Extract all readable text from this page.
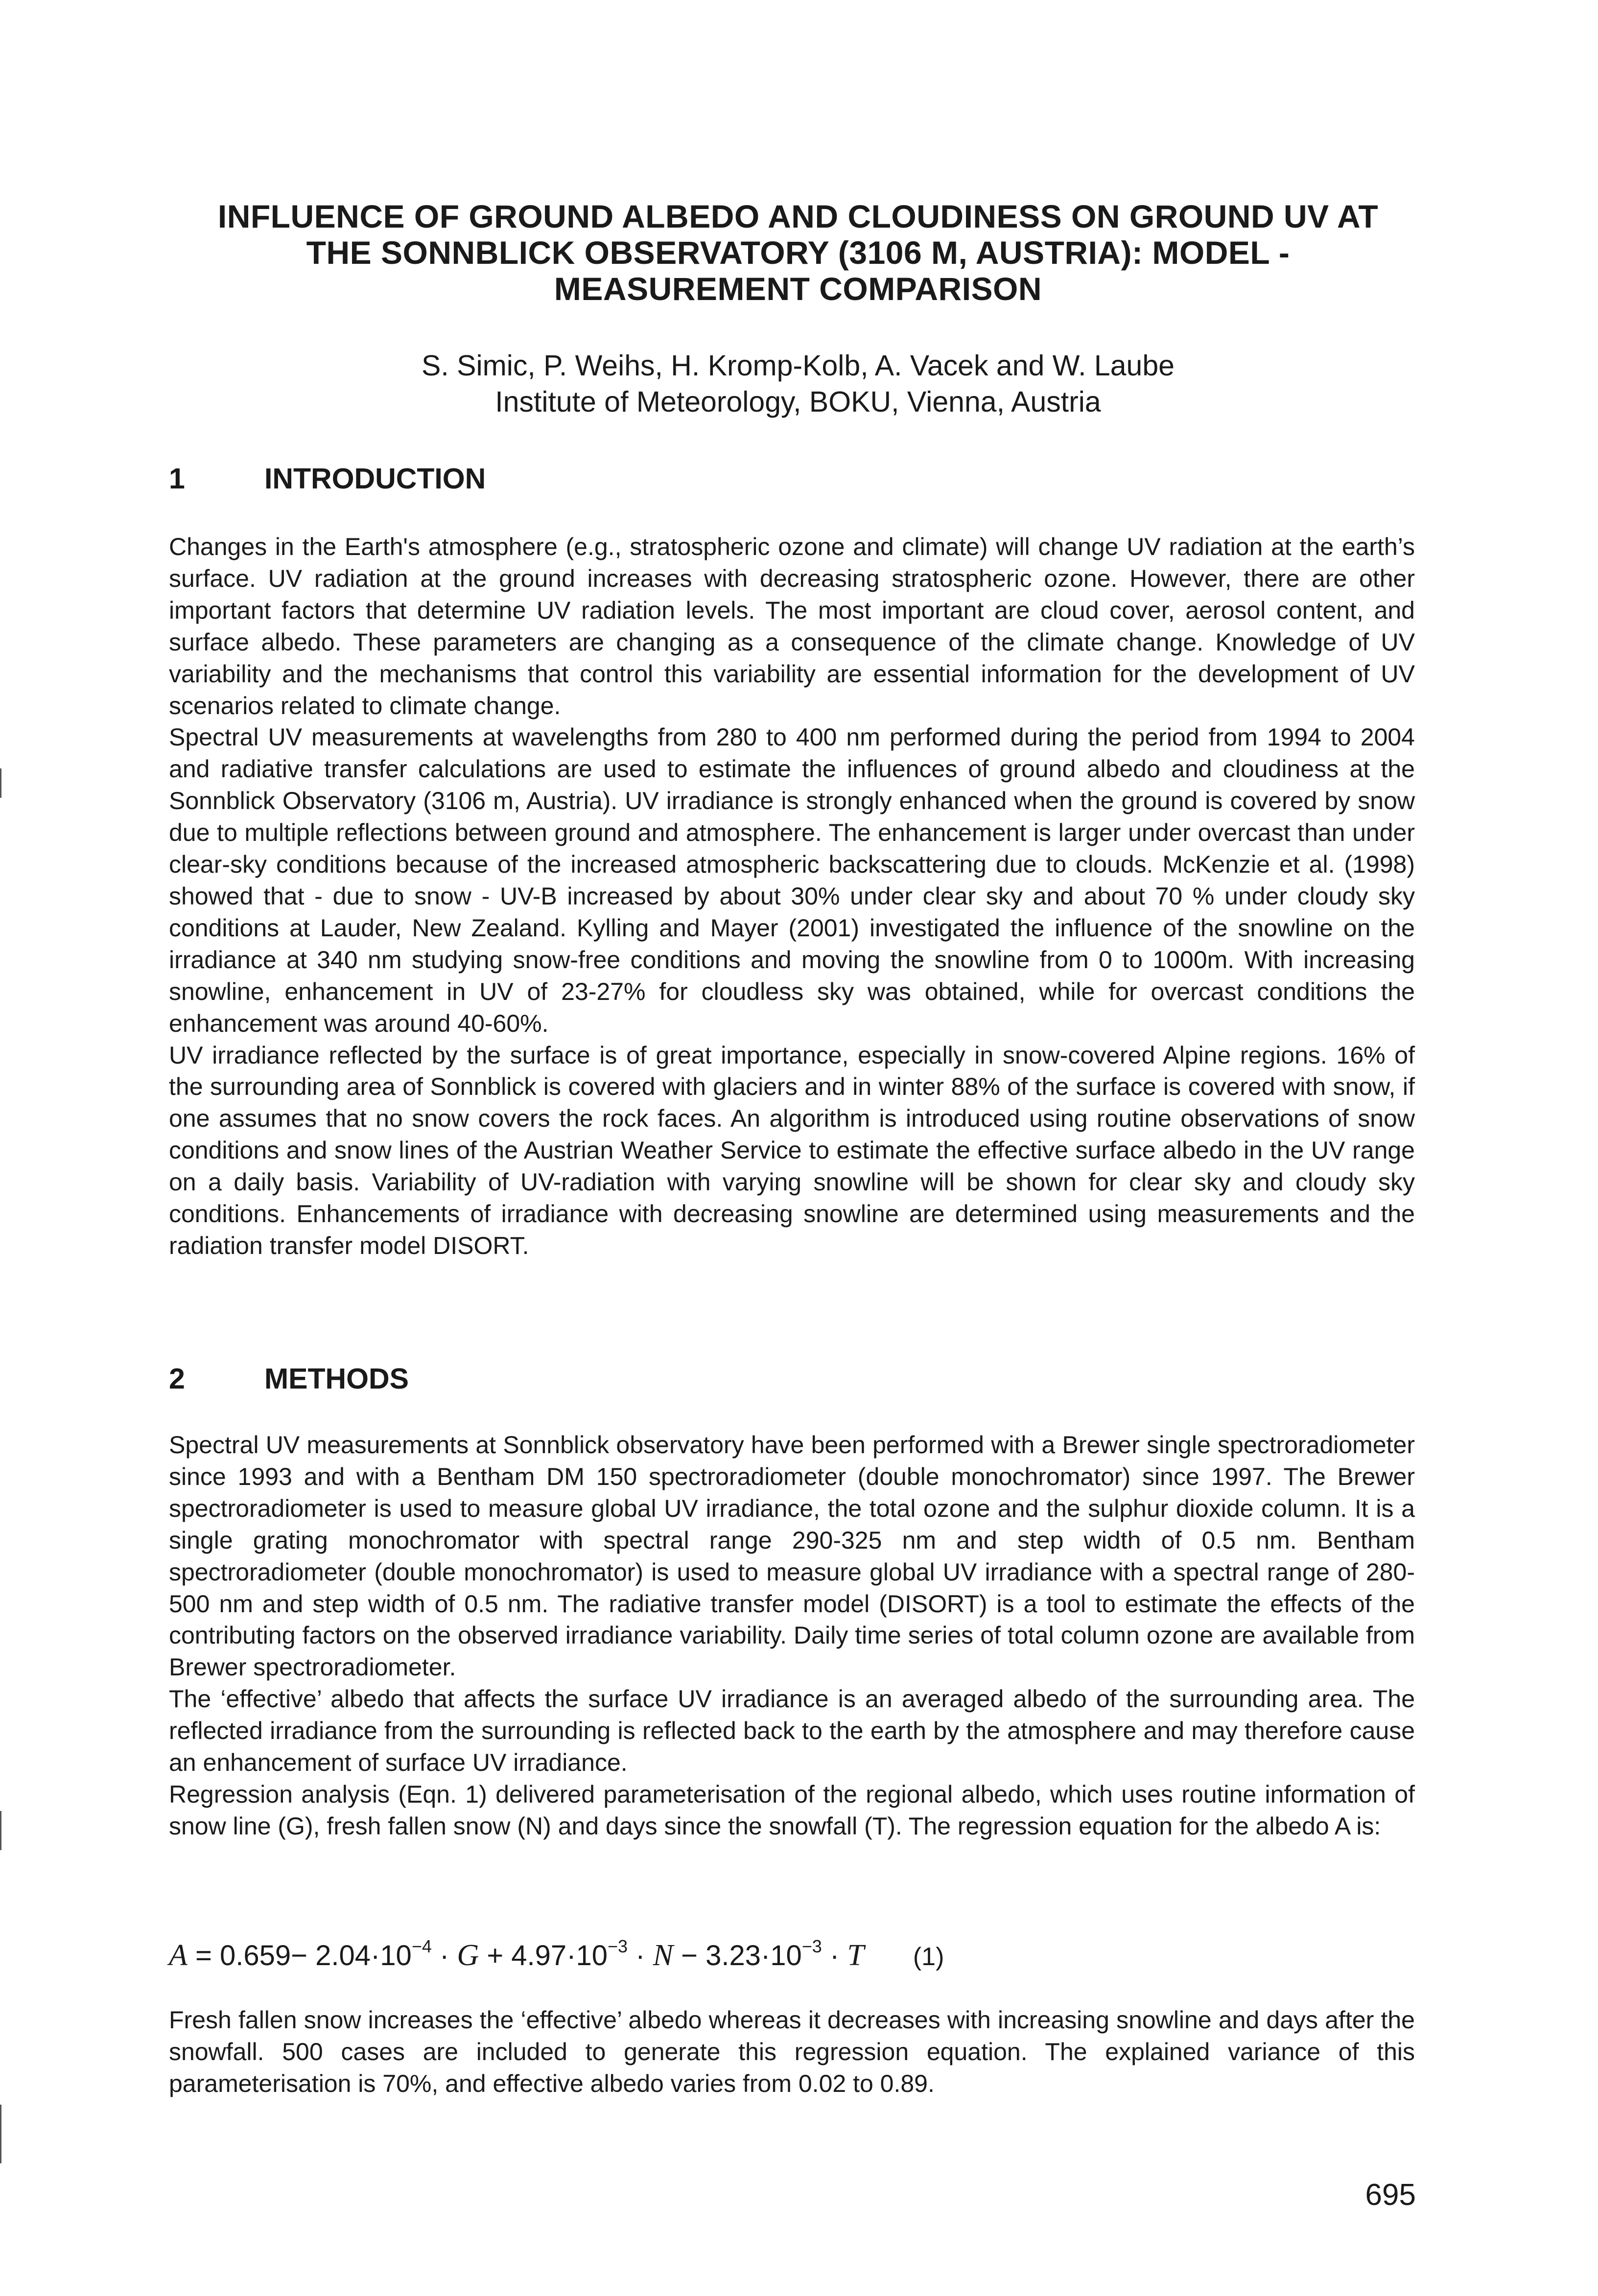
INFLUENCE OF GROUND ALBEDO AND CLOUDINESS ON GROUND UV AT
THE SONNBLICK OBSERVATORY (3106 M, AUSTRIA): MODEL -
MEASUREMENT COMPARISON
S. Simic, P. Weihs, H. Kromp-Kolb, A. Vacek and W. Laube
Institute of Meteorology, BOKU, Vienna, Austria
1	INTRODUCTION

Changes in the Earth's atmosphere (e.g., stratospheric ozone and climate) will change UV radiation at the earth’s surface. UV radiation at the ground increases with decreasing stratospheric ozone. However, there are other important factors that determine UV radiation levels. The most important are cloud cover, aerosol content, and surface albedo. These parameters are changing as a consequence of the climate change. Knowledge of UV variability and the mechanisms that control this variability are essential information for the development of UV scenarios related to climate change.

Spectral UV measurements at wavelengths from 280 to 400 nm performed during the period from 1994 to 2004 and radiative transfer calculations are used to estimate the influences of ground albedo and cloudiness at the Sonnblick Observatory (3106 m, Austria). UV irradiance is strongly enhanced when the ground is covered by snow due to multiple reflections between ground and atmosphere. The enhancement is larger under overcast than under clear-sky conditions because of the increased atmospheric backscattering due to clouds. McKenzie et al. (1998) showed that - due to snow - UV-B increased by about 30% under clear sky and about 70 % under cloudy sky conditions at Lauder, New Zealand. Kylling and Mayer (2001) investigated the influence of the snowline on the irradiance at 340 nm studying snow-free conditions and moving the snowline from 0 to 1000m. With increasing snowline, enhancement in UV of 23-27% for cloudless sky was obtained, while for overcast conditions the enhancement was around 40-60%.

UV irradiance reflected by the surface is of great importance, especially in snow-covered Alpine regions. 16% of the surrounding area of Sonnblick is covered with glaciers and in winter 88% of the surface is covered with snow, if one assumes that no snow covers the rock faces. An algorithm is introduced using routine observations of snow conditions and snow lines of the Austrian Weather Service to estimate the effective surface albedo in the UV range on a daily basis. Variability of UV-radiation with varying snowline will be shown for clear sky and cloudy sky conditions. Enhancements of irradiance with decreasing snowline are determined using measurements and the radiation transfer model DISORT.

2	METHODS

Spectral UV measurements at Sonnblick observatory have been performed with a Brewer single spectroradiometer since 1993 and with a Bentham DM 150 spectroradiometer (double monochromator) since 1997. The Brewer spectroradiometer is used to measure global UV irradiance, the total ozone and the sulphur dioxide column. It is a single grating monochromator with spectral range 290-325 nm and step width of 0.5 nm. Bentham spectroradiometer (double monochromator) is used to measure global UV irradiance with a spectral range of 280-500 nm and step width of 0.5 nm. The radiative transfer model (DISORT) is a tool to estimate the effects of the contributing factors on the observed irradiance variability. Daily time series of total column ozone are available from Brewer spectroradiometer.

The ‘effective’ albedo that affects the surface UV irradiance is an averaged albedo of the surrounding area. The reflected irradiance from the surrounding is reflected back to the earth by the atmosphere and may therefore cause an enhancement of surface UV irradiance.

Regression analysis (Eqn. 1) delivered parameterisation of the regional albedo, which uses routine information of snow line (G), fresh fallen snow (N) and days since the snowfall (T). The regression equation for the albedo A is:

$A = 0.659- 2.04\cdot 10^{-4} \cdot G + 4.97\cdot 10^{-3} \cdot N - 3.23\cdot 10^{-3} \cdot T$ (1)

Fresh fallen snow increases the ‘effective’ albedo whereas it decreases with increasing snowline and days after the snowfall. 500 cases are included to generate this regression equation. The explained variance of this parameterisation is 70%, and effective albedo varies from 0.02 to 0.89.

695
